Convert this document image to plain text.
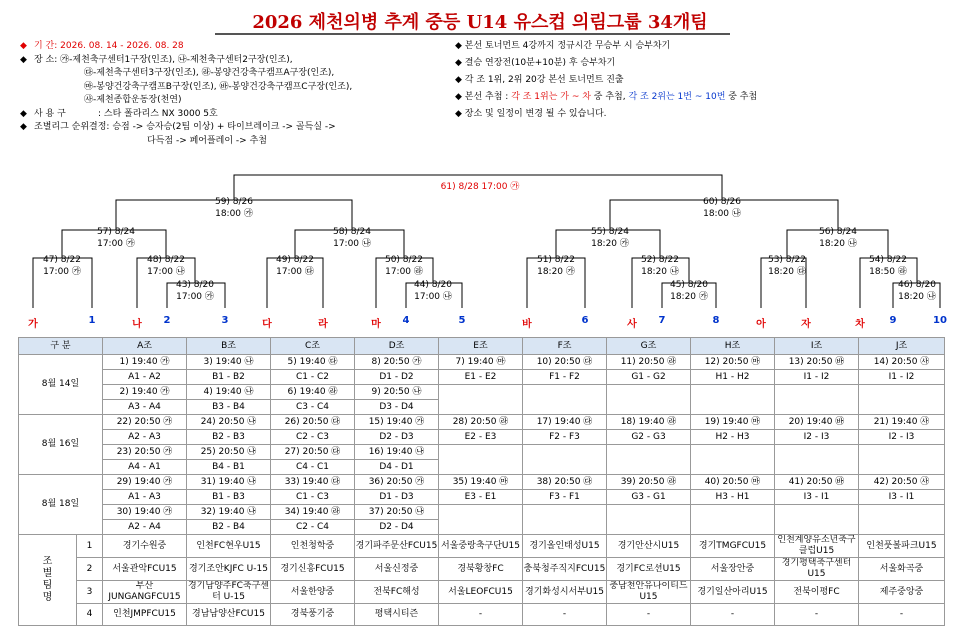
2026 제천의병 추계 중등 U14 유스컵 의림그룹 34개팀
◆ 기 간: 2026. 08. 14 - 2026. 08. 28
◆ 장 소: ㉮-제천축구센터1구장(인조), ㉯-제천축구센터2구장(인조),
㉰-제천축구센터3구장(인조), ㉱-봉양건강축구캠프A구장(인조),
㉲-봉양건강축구캠프B구장(인조), ㉳-봉양건강축구캠프C구장(인조),
㉴-제천종합운동장(천연)
◆ 사 용 구	: 스타 폴라리스 NX 3000 5호
◆ 조별리그 순위결정: 승점 -> 승자승(2팀 이상) + 타이브레이크 -> 골득실 ->
다득점 -> 페어플레이 -> 추첨
◆ 본선 토너먼트 4강까지 정규시간 무승부 시 승부차기
◆ 결승 연장전(10분+10분) 후 승부차기
◆ 각 조 1위, 2위 20강 본선 토너먼트 진출
◆ 본선 추첨 : 각 조 1위는 가 ~ 차 중 추첨, 각 조 2위는 1번 ~ 10번 중 추첨
◆ 장소 및 일정이 변경 될 수 있습니다.
43) 8/20
17:00 ㉮
44) 8/20
17:00 ㉯
45) 8/20
18:20 ㉮
46) 8/20
18:20 ㉯
47) 8/22
17:00 ㉮
48) 8/22
17:00 ㉯
49) 8/22
17:00 ㉰
50) 8/22
17:00 ㉱
51) 8/22
18:20 ㉮
52) 8/22
18:20 ㉯
53) 8/22
18:20 ㉰
54) 8/22
18:50 ㉱
57) 8/24
17:00 ㉮
58) 8/24
17:00 ㉯
55) 8/24
18:20 ㉮
56) 8/24
18:20 ㉯
59) 8/26
18:00 ㉮
60) 8/26
18:00 ㉯
61) 8/28 17:00 ㉮
가	1	나	2	3	다	라	마	4	5	바	6	사	7	8	아	자	차	9	10
구 분		A조	B조	C조	D조	E조	F조	G조	H조	I조	J조
8월 14일		1) 19:40 ㉮	3) 19:40 ㉯	5) 19:40 ㉰	8) 20:50 ㉮	7) 19:40 ㉲	10) 20:50 ㉰	11) 20:50 ㉱	12) 20:50 ㉲	13) 20:50 ㉳	14) 20:50 ㉴
		A1 - A2	B1 - B2	C1 - C2	D1 - D2	E1 - E2	F1 - F2	G1 - G2	H1 - H2	I1 - I2	I1 - I2
		2) 19:40 ㉮	4) 19:40 ㉯	6) 19:40 ㉱	9) 20:50 ㉯						
		A3 - A4	B3 - B4	C3 - C4	D3 - D4						
8월 16일		22) 20:50 ㉮	24) 20:50 ㉯	26) 20:50 ㉰	15) 19:40 ㉮	28) 20:50 ㉱	17) 19:40 ㉰	18) 19:40 ㉱	19) 19:40 ㉲	20) 19:40 ㉳	21) 19:40 ㉴
		A2 - A3	B2 - B3	C2 - C3	D2 - D3	E2 - E3	F2 - F3	G2 - G3	H2 - H3	I2 - I3	I2 - I3
		23) 20:50 ㉮	25) 20:50 ㉯	27) 20:50 ㉰	16) 19:40 ㉯						
		A4 - A1	B4 - B1	C4 - C1	D4 - D1						
8월 18일		29) 19:40 ㉮	31) 19:40 ㉯	33) 19:40 ㉰	36) 20:50 ㉮	35) 19:40 ㉲	38) 20:50 ㉰	39) 20:50 ㉱	40) 20:50 ㉲	41) 20:50 ㉳	42) 20:50 ㉴
		A1 - A3	B1 - B3	C1 - C3	D1 - D3	E3 - E1	F3 - F1	G3 - G1	H3 - H1	I3 - I1	I3 - I1
		30) 19:40 ㉮	32) 19:40 ㉯	34) 19:40 ㉱	37) 20:50 ㉯						
		A2 - A4	B2 - B4	C2 - C4	D2 - D4						

조
별
팀
명	1	경기수원중	인천FC현우U15	인천청학중	경기파주문산FCU15	서울중랑축구단U15	경기올인태성U15	경기안산시U15	경기TMGFCU15	인천계양유소년축구클럽U15	인천풋볼파크U15
	2	서울관악FCU15	경기조안KJFC U-15	경기신흥FCU15	서울신정중	경북황창FC	충북청주직지FCU15	경기FC로션U15	서울장안중	경기평택축구센터U15	서울화곡중
	3	부산JUNGANGFCU15	경기남양주FC축구센터 U-15	서울한양중	전북FC해성	서울LEOFCU15	경기화성시서부U15	충남천안유나이티드U15	경기일산아리U15	전북이평FC	제주중앙중
	4	인천JMPFCU15	경남남양산FCU15	경북풍기중	평택시티즌	-	-	-	-	-	-
